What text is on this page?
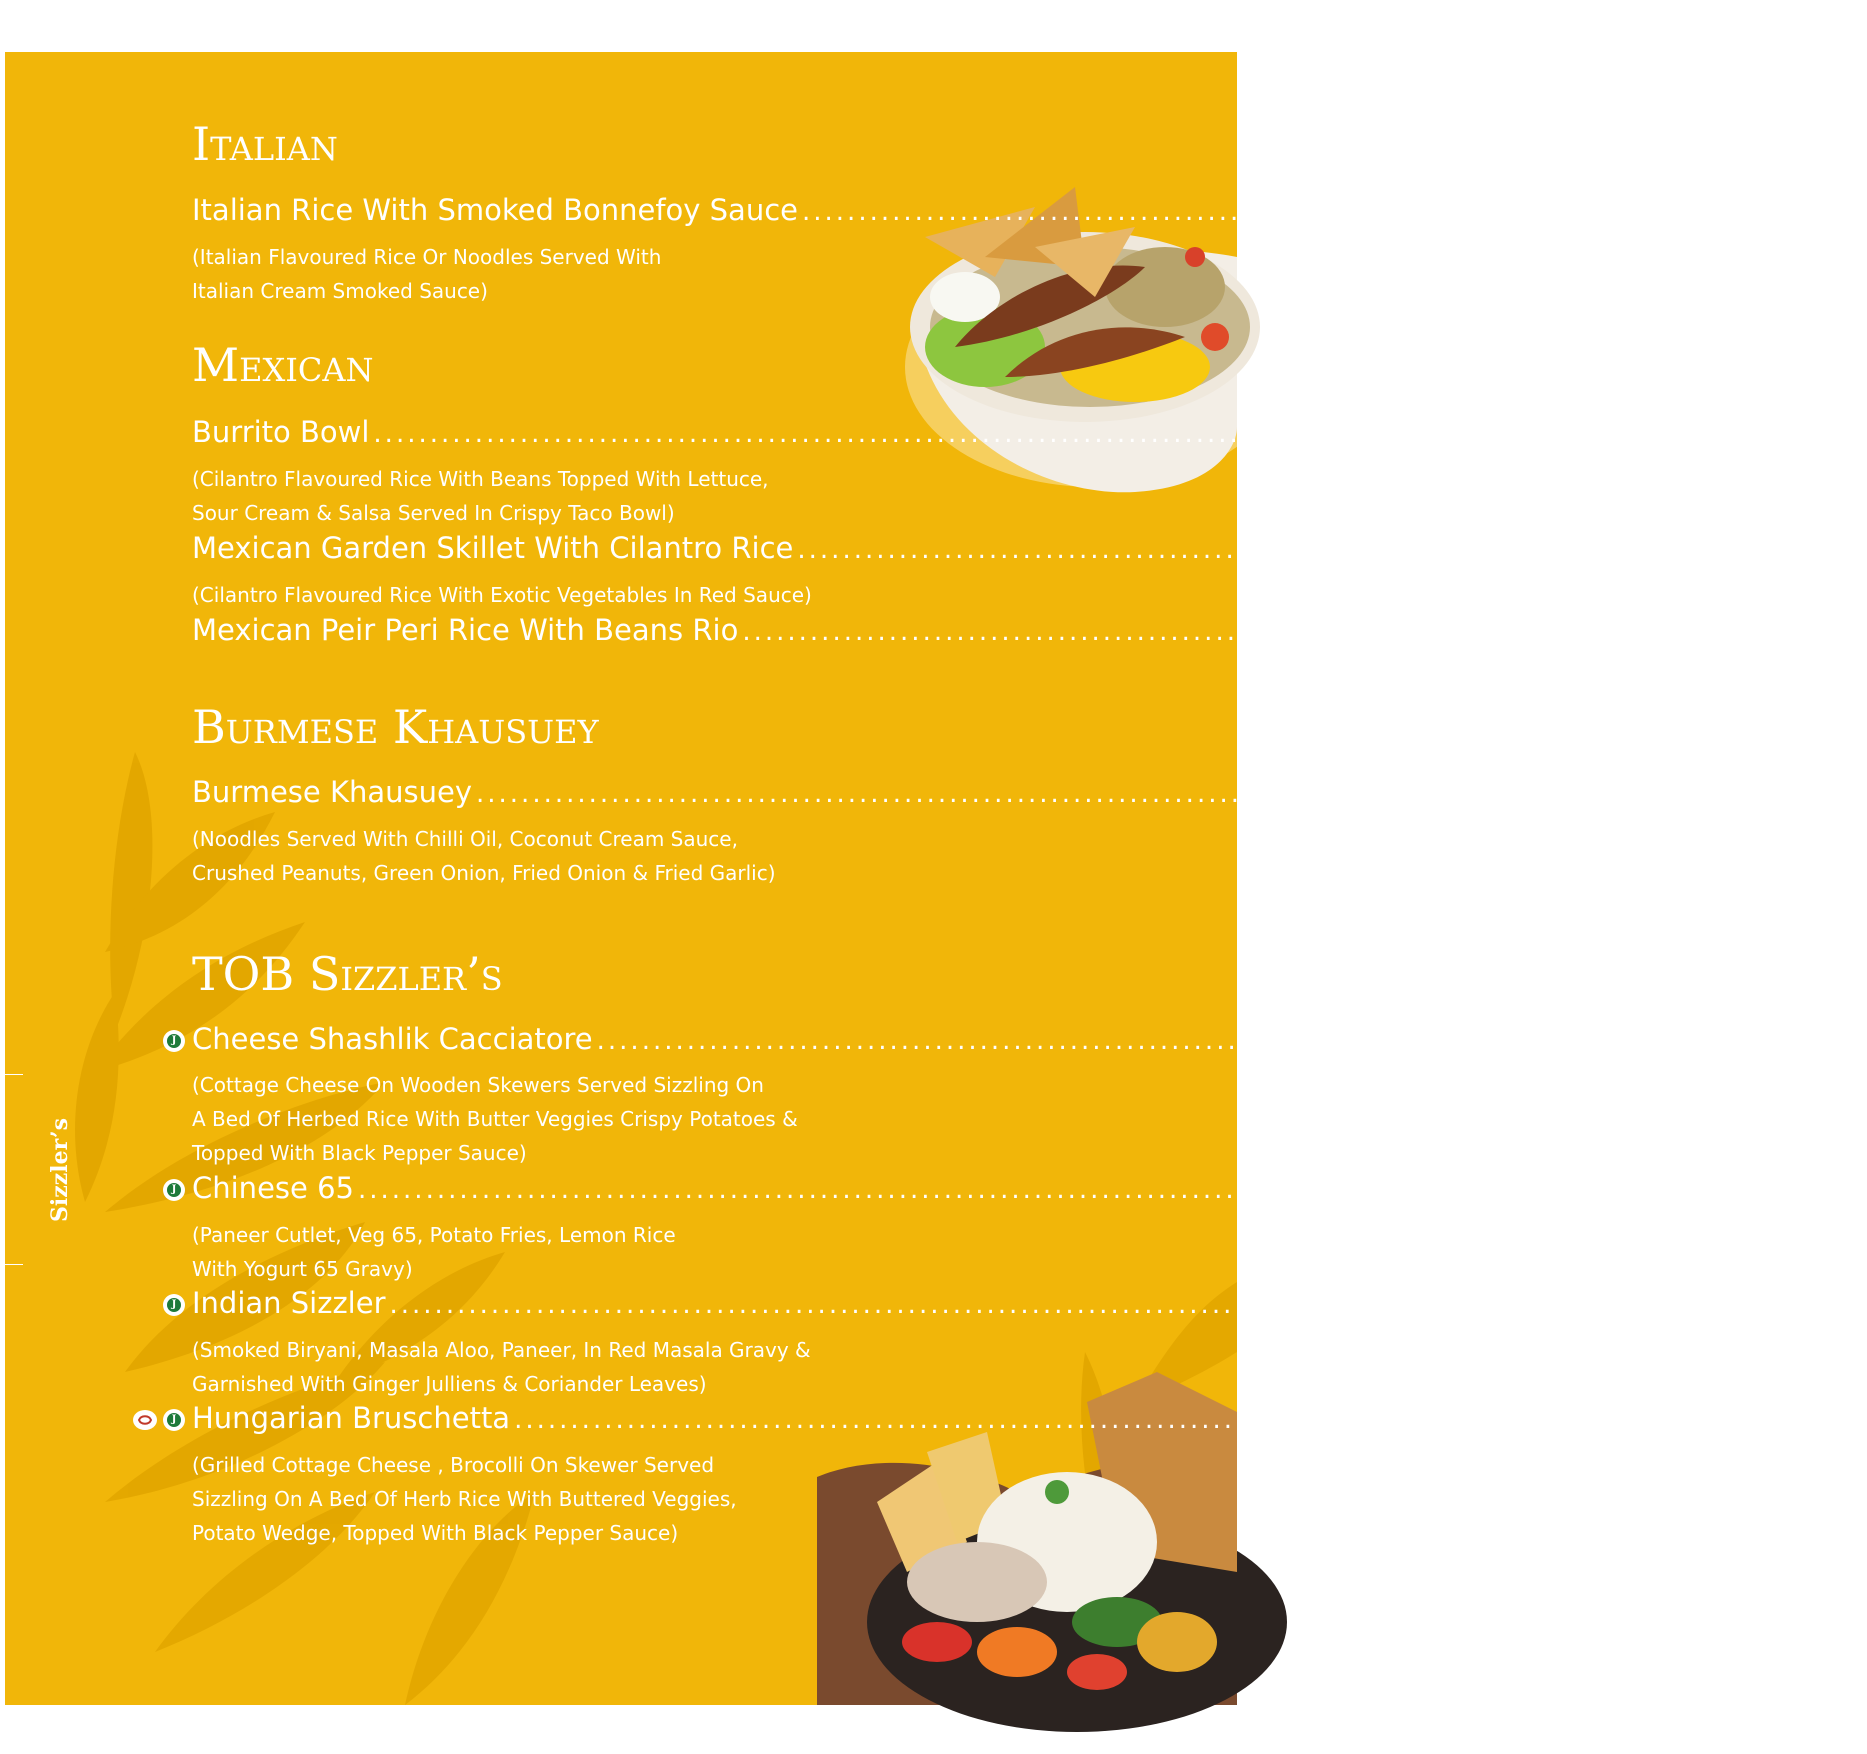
Sizzler’s
Italian
Italian Rice With Smoked Bonnefoy Sauce ....................................................................................... 300/-

(Italian Flavoured Rice Or Noodles Served With
Italian Cream Smoked Sauce)

Mexican
Burrito Bowl ....................................................................................... 290/-

(Cilantro Flavoured Rice With Beans Topped With Lettuce,
Sour Cream & Salsa Served In Crispy Taco Bowl)

Mexican Garden Skillet With Cilantro Rice ....................................................................................... 310/-

(Cilantro Flavoured Rice With Exotic Vegetables In Red Sauce)

Mexican Peir Peri Rice With Beans Rio ....................................................................................... 310/-
Burmese Khausuey
Burmese Khausuey ....................................................................................... 360/-

(Noodles Served With Chilli Oil, Coconut Cream Sauce,
Crushed Peanuts, Green Onion, Fried Onion & Fried Garlic)

TOB Sizzler’s
J Cheese Shashlik Cacciatore ....................................................................................... 475/-

(Cottage Cheese On Wooden Skewers Served Sizzling On
A Bed Of Herbed Rice With Butter Veggies Crispy Potatoes &
Topped With Black Pepper Sauce)

J Chinese 65 ....................................................................................... 425/-

(Paneer Cutlet, Veg 65, Potato Fries, Lemon Rice
With Yogurt 65 Gravy)

J Indian Sizzler ....................................................................................... 425/-

(Smoked Biryani, Masala Aloo, Paneer, In Red Masala Gravy &
Garnished With Ginger Julliens & Coriander Leaves)

J Hungarian Bruschetta ....................................................................................... 425/-

(Grilled Cottage Cheese , Brocolli On Skewer Served
Sizzling On A Bed Of Herb Rice With Buttered Veggies,
Potato Wedge, Topped With Black Pepper Sauce)
